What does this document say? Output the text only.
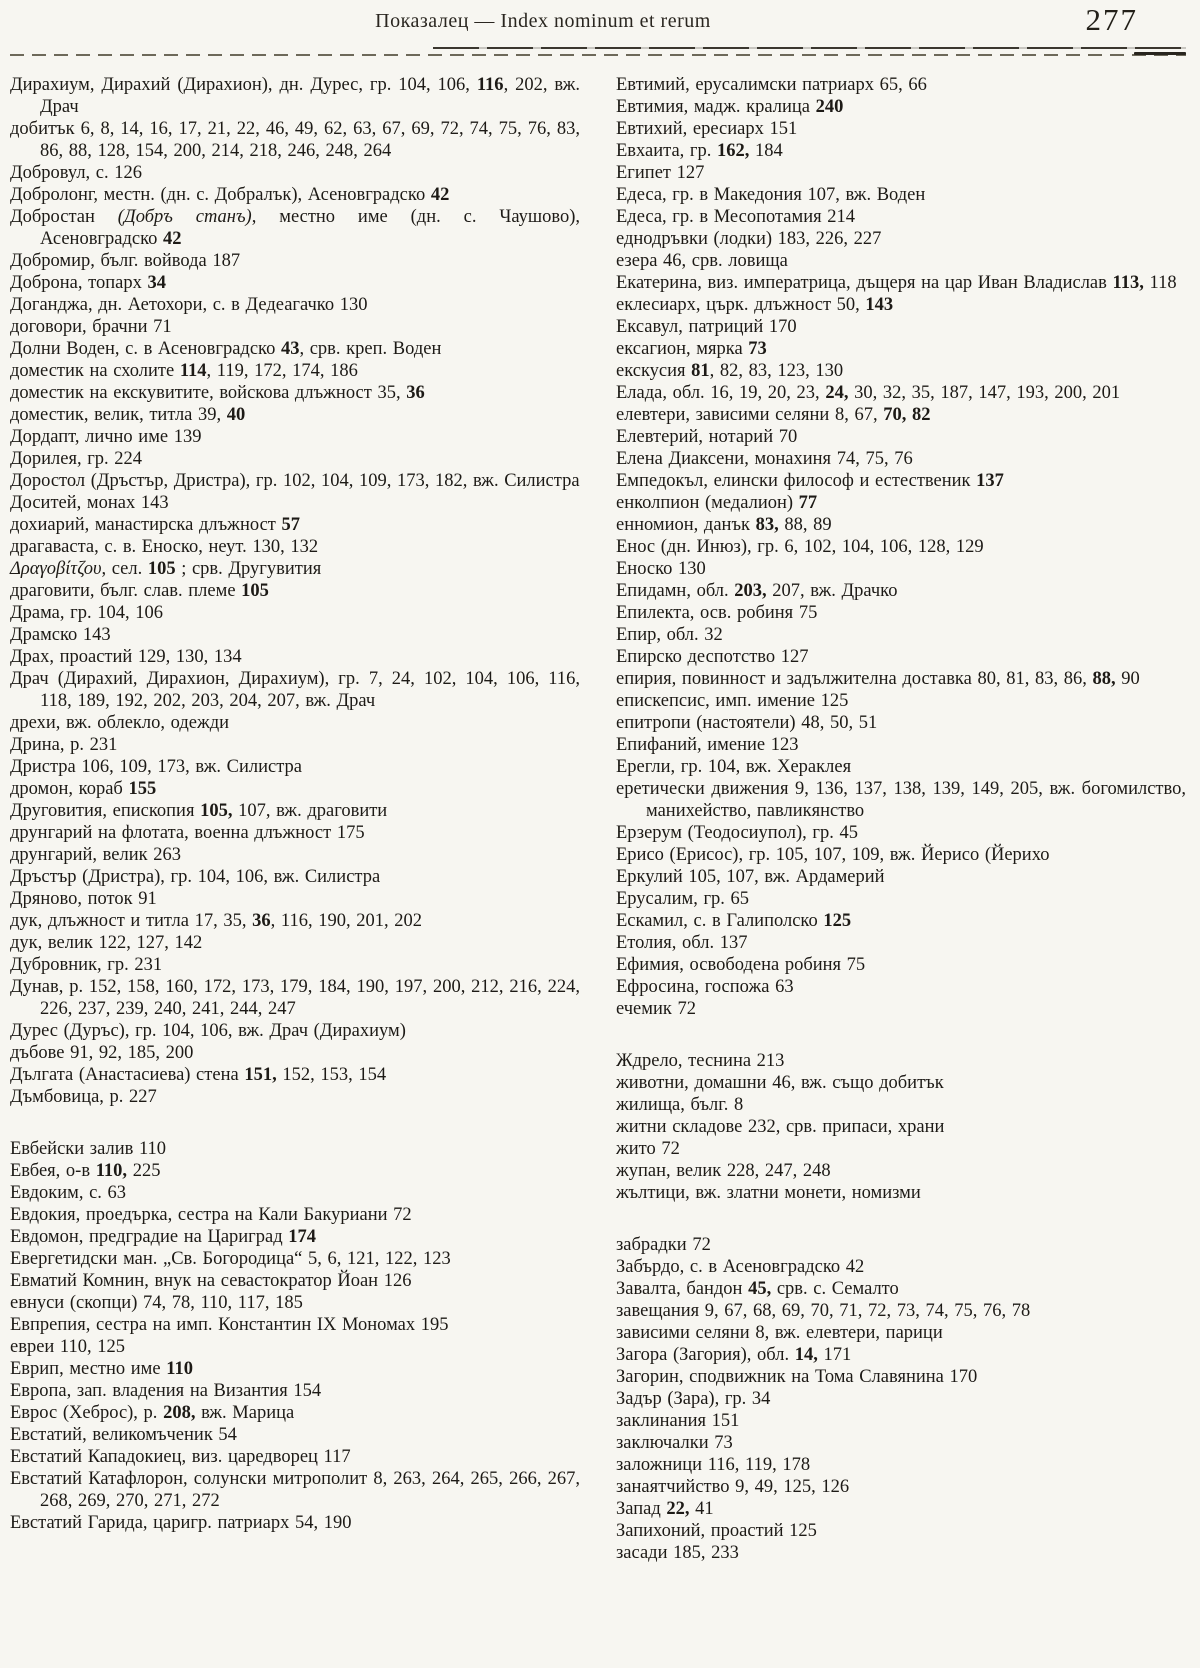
Показалец — Index nominum et rerum	277

Дирахиум, Дирахий (Дирахион), дн. Дурес, гр. 104, 106, 116, 202, вж. Драч

добитък 6, 8, 14, 16, 17, 21, 22, 46, 49, 62, 63, 67, 69, 72, 74, 75, 76, 83, 86, 88, 128, 154, 200, 214, 218, 246, 248, 264

Добровул, с. 126

Добролонг, местн. (дн. с. Добралък), Асеновградско 42

Добростан (Добръ станъ), местно име (дн. с. Чаушово), Асеновградско 42

Добромир, бълг. войвода 187

Доброна, топарх 34

Доганджа, дн. Аетохори, с. в Дедеагачко 130

договори, брачни 71

Долни Воден, с. в Асеновградско 43, срв. креп. Воден

доместик на схолите 114, 119, 172, 174, 186

доместик на екскувитите, войскова длъжност 35, 36

доместик, велик, титла 39, 40

Дордапт, лично име 139

Дорилея, гр. 224

Доростол (Дръстър, Дристра), гр. 102, 104, 109, 173, 182, вж. Силистра

Доситей, монах 143

дохиарий, манастирска длъжност 57

драгаваста, с. в. Еноско, неут. 130, 132

Δραγοβίτζου, сел. 105 ; срв. Другувития

драговити, бълг. слав. племе 105

Драма, гр. 104, 106

Драмско 143

Драх, проастий 129, 130, 134

Драч (Дирахий, Дирахион, Дирахиум), гр. 7, 24, 102, 104, 106, 116, 118, 189, 192, 202, 203, 204, 207, вж. Драч

дрехи, вж. облекло, одежди

Дрина, р. 231

Дристра 106, 109, 173, вж. Силистра

дромон, кораб 155

Друговития, епископия 105, 107, вж. драговити

друнгарий на флотата, военна длъжност 175

друнгарий, велик 263

Дръстър (Дристра), гр. 104, 106, вж. Силистра

Дряново, поток 91

дук, длъжност и титла 17, 35, 36, 116, 190, 201, 202

дук, велик 122, 127, 142

Дубровник, гр. 231

Дунав, р. 152, 158, 160, 172, 173, 179, 184, 190, 197, 200, 212, 216, 224, 226, 237, 239, 240, 241, 244, 247

Дурес (Дуръс), гр. 104, 106, вж. Драч (Дирахиум)

дъбове 91, 92, 185, 200

Дългата (Анастасиева) стена 151, 152, 153, 154

Дъмбовица, р. 227

Евбейски залив 110

Евбея, о-в 110, 225

Евдоким, с. 63

Евдокия, проедърка, сестра на Кали Бакуриани 72

Евдомон, предградие на Цариград 174

Евергетидски ман. „Св. Богородица“ 5, 6, 121, 122, 123

Евматий Комнин, внук на севастократор Йоан 126

евнуси (скопци) 74, 78, 110, 117, 185

Евпрепия, сестра на имп. Константин IX Мономах 195

евреи 110, 125

Еврип, местно име 110

Европа, зап. владения на Византия 154

Еврос (Хеброс), р. 208, вж. Марица

Евстатий, великомъченик 54

Евстатий Кападокиец, виз. царедворец 117

Евстатий Катафлорон, солунски митрополит 8, 263, 264, 265, 266, 267, 268, 269, 270, 271, 272

Евстатий Гарида, царигр. патриарх 54, 190

Евтимий, ерусалимски патриарх 65, 66

Евтимия, мадж. кралица 240

Евтихий, ересиарх 151

Евхаита, гр. 162, 184

Египет 127

Едеса, гр. в Македония 107, вж. Воден

Едеса, гр. в Месопотамия 214

еднодръвки (лодки) 183, 226, 227

езера 46, срв. ловища

Екатерина, виз. императрица, дъщеря на цар Иван Владислав 113, 118

еклесиарх, църк. длъжност 50, 143

Ексавул, патриций 170

ексагион, мярка 73

екскусия 81, 82, 83, 123, 130

Елада, обл. 16, 19, 20, 23, 24, 30, 32, 35, 187, 147, 193, 200, 201

елевтери, зависими селяни 8, 67, 70, 82

Елевтерий, нотарий 70

Елена Диаксени, монахиня 74, 75, 76

Емпедокъл, елински философ и естественик 137

енколпион (медалион) 77

енномион, данък 83, 88, 89

Енос (дн. Инюз), гр. 6, 102, 104, 106, 128, 129

Еноско 130

Епидамн, обл. 203, 207, вж. Драчко

Епилекта, осв. робиня 75

Епир, обл. 32

Епирско деспотство 127

епирия, повинност и задължителна доставка 80, 81, 83, 86, 88, 90

епискепсис, имп. имение 125

епитропи (настоятели) 48, 50, 51

Епифаний, имение 123

Ерегли, гр. 104, вж. Хераклея

еретически движения 9, 136, 137, 138, 139, 149, 205, вж. богомилство, манихейство, павликянство

Ерзерум (Теодосиупол), гр. 45

Ерисо (Ерисос), гр. 105, 107, 109, вж. Йерисо (Йерихо

Еркулий 105, 107, вж. Ардамерий

Ерусалим, гр. 65

Ескамил, с. в Галиполско 125

Етолия, обл. 137

Ефимия, освободена робиня 75

Ефросина, госпожа 63

ечемик 72

Ждрело, теснина 213

животни, домашни 46, вж. също добитък

жилища, бълг. 8

житни складове 232, срв. припаси, храни

жито 72

жупан, велик 228, 247, 248

жълтици, вж. златни монети, номизми

забрадки 72

Забърдо, с. в Асеновградско 42

Завалта, бандон 45, срв. с. Семалто

завещания 9, 67, 68, 69, 70, 71, 72, 73, 74, 75, 76, 78

зависими селяни 8, вж. елевтери, парици

Загора (Загория), обл. 14, 171

Загорин, сподвижник на Тома Славянина 170

Задър (Зара), гр. 34

заклинания 151

заключалки 73

заложници 116, 119, 178

занаятчийство 9, 49, 125, 126

Запад 22, 41

Запихоний, проастий 125

засади 185, 233
